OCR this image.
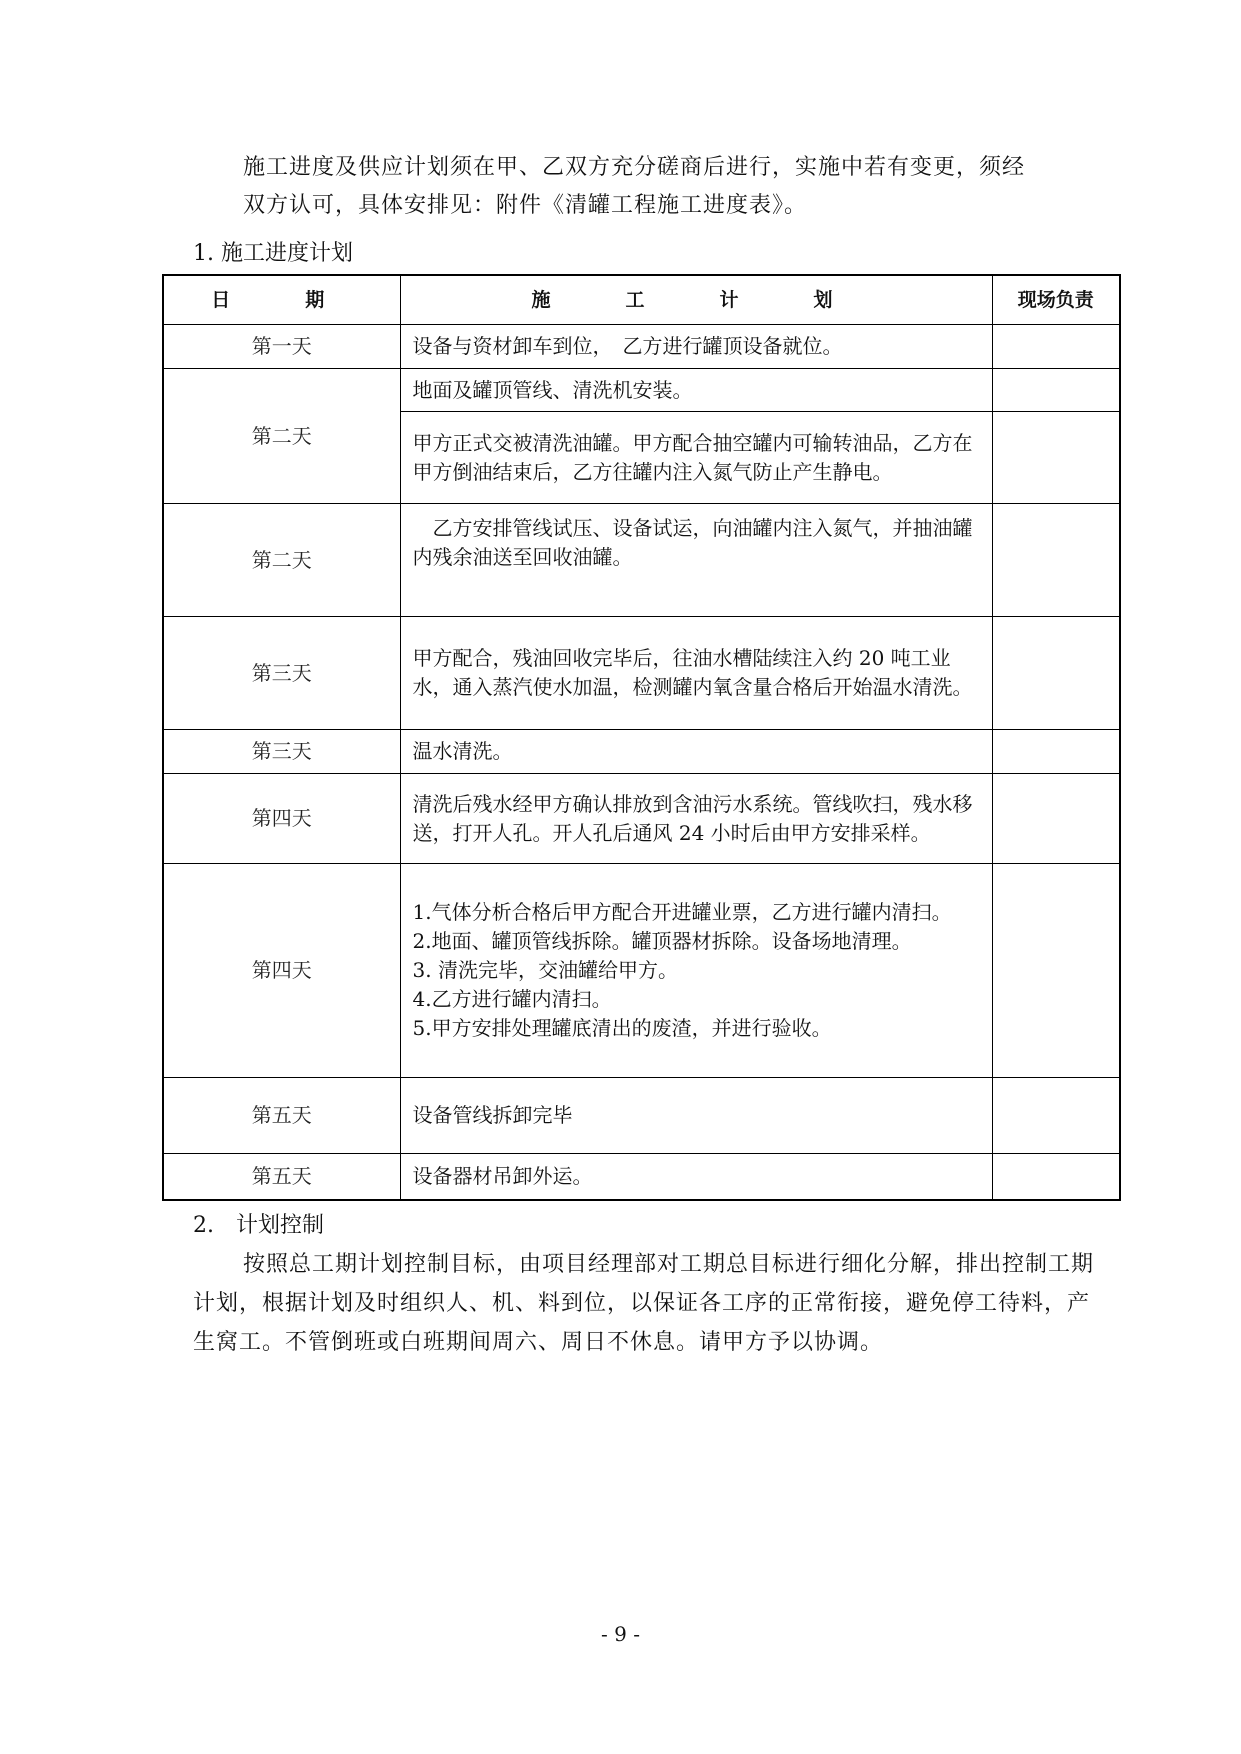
施工进度及供应计划须在甲、乙双方充分磋商后进行，实施中若有变更，须经
双方认可，具体安排见：附件《清罐工程施工进度表》。

1. 施工进度计划

日　期	施　工　计　划	现场负责
第一天	设备与资材卸车到位，　乙方进行罐顶设备就位。	

第二天	地面及罐顶管线、清洗机安装。	

	甲方正式交被清洗油罐。甲方配合抽空罐内可输转油品，乙方在甲方倒油结束后，乙方往罐内注入氮气防止产生静电。	

第二天	　乙方安排管线试压、设备试运，向油罐内注入氮气，并抽油罐内残余油送至回收油罐。	

第三天	甲方配合，残油回收完毕后，往油水槽陆续注入约 20 吨工业水，通入蒸汽使水加温，检测罐内氧含量合格后开始温水清洗。	

第三天	温水清洗。	

第四天	清洗后残水经甲方确认排放到含油污水系统。管线吹扫，残水移送，打开人孔。开人孔后通风 24 小时后由甲方安排采样。	

第四天	1.气体分析合格后甲方配合开进罐业票，乙方进行罐内清扫。
2.地面、罐顶管线拆除。罐顶器材拆除。设备场地清理。
3. 清洗完毕，交油罐给甲方。
4.乙方进行罐内清扫。
5.甲方安排处理罐底清出的废渣，并进行验收。	

第五天	设备管线拆卸完毕	

第五天	设备器材吊卸外运。	

2.　计划控制

按照总工期计划控制目标，由项目经理部对工期总目标进行细化分解，排出控制工期计划，根据计划及时组织人、机、料到位，以保证各工序的正常衔接，避免停工待料，产生窝工。不管倒班或白班期间周六、周日不休息。请甲方予以协调。

- 9 -
